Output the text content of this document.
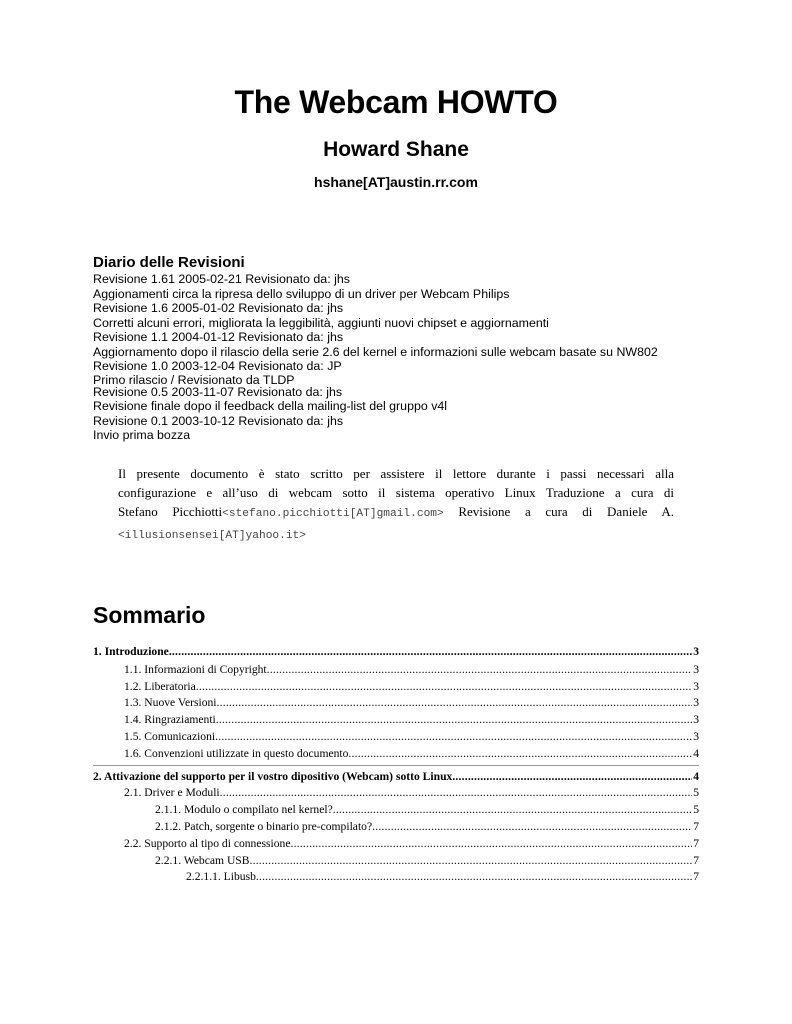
The Webcam HOWTO
Howard Shane
hshane[AT]austin.rr.com
Diario delle Revisioni
Revisione 1.61 2005-02-21 Revisionato da: jhs
Aggionamenti circa la ripresa dello sviluppo di un driver per Webcam Philips
Revisione 1.6 2005-01-02 Revisionato da: jhs
Corretti alcuni errori, migliorata la leggibilità, aggiunti nuovi chipset e aggiornamenti
Revisione 1.1 2004-01-12 Revisionato da: jhs
Aggiornamento dopo il rilascio della serie 2.6 del kernel e informazioni sulle webcam basate su NW802
Revisione 1.0 2003-12-04 Revisionato da: JP
Primo rilascio / Revisionato da TLDP
Revisione 0.5 2003-11-07 Revisionato da: jhs
Revisione finale dopo il feedback della mailing-list del gruppo v4l
Revisione 0.1 2003-10-12 Revisionato da: jhs
Invio prima bozza
Il presente documento è stato scritto per assistere il lettore durante i passi necessari alla
configurazione e all’uso di webcam sotto il sistema operativo Linux Traduzione a cura di
Stefano Picchiotti<stefano.picchiotti[AT]gmail.com> Revisione a cura di Daniele A.
<illusionsensei[AT]yahoo.it>
Sommario
1. Introduzione .....	3
1.1. Informazioni di Copyright .....	3
1.2. Liberatoria .....	3
1.3. Nuove Versioni .....	3
1.4. Ringraziamenti .....	3
1.5. Comunicazioni .....	3
1.6. Convenzioni utilizzate in questo documento .....	4
2. Attivazione del supporto per il vostro dipositivo (Webcam) sotto Linux .....	4
2.1. Driver e Moduli .....	5
2.1.1. Modulo o compilato nel kernel? .....	5
2.1.2. Patch, sorgente o binario pre-compilato? .....	7
2.2. Supporto al tipo di connessione .....	7
2.2.1. Webcam USB .....	7
2.2.1.1. Libusb .....	7
